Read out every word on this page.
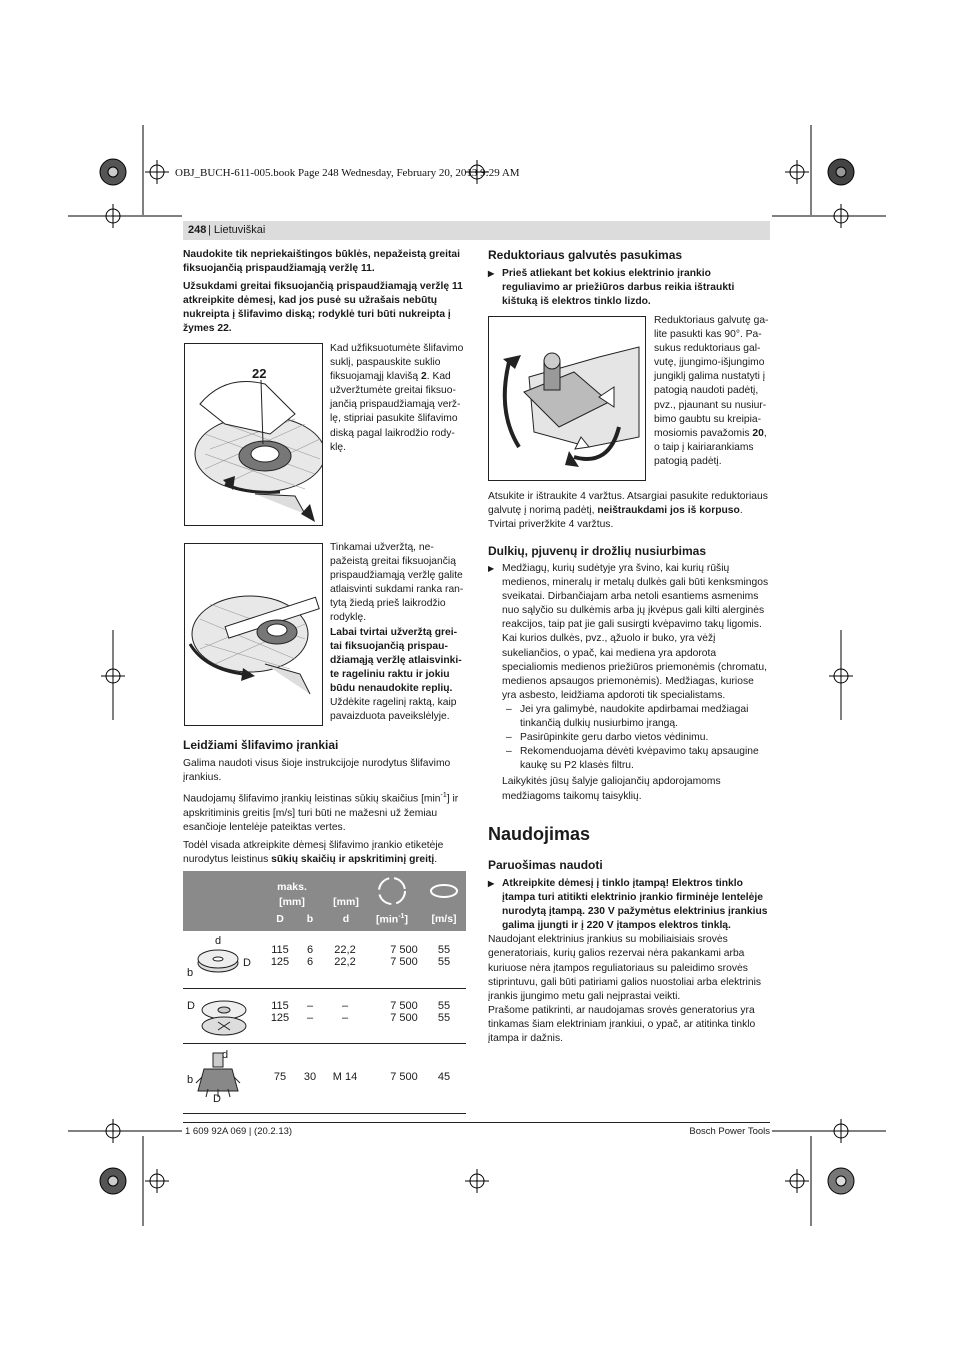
OBJ_BUCH-611-005.book Page 248 Wednesday, February 20, 2013 9:29 AM
248
| Lietuviškai

Naudokite tik nepriekaištingos būklės, nepažeistą greitai fiksuojančią prispaudžiamąją veržlę 11.

Užsukdami greitai fiksuojančią prispaudžiamąją veržlę 11 atkreipkite dėmesį, kad jos pusė su užrašais nebūtų nukreipta į šlifavimo diską; rodyklė turi būti nukreipta į žymes 22.

22
Kad užfiksuotumėte šlifavimo
suklį, paspauskite suklio
fiksuojamąjį klavišą 2. Kad
užveržtumėte greitai fiksuo-
jančią prispaudžiamąją verž-
lę, stipriai pasukite šlifavimo
diską pagal laikrodžio rody-
klę.
Tinkamai užveržtą, ne-
pažeistą greitai fiksuojančią
prispaudžiamąją veržlę galite
atlaisvinti sukdami ranka ran-
tytą žiedą prieš laikrodžio
rodyklę.
Labai tvirtai užveržtą grei-
tai fiksuojančią prispau-
džiamąją veržlę atlaisvinki-
te rageliniu raktu ir jokiu
būdu nenaudokite replių.
Uždėkite ragelinį raktą, kaip
pavaizduota paveikslėlyje.
Leidžiami šlifavimo įrankiai

Galima naudoti visus šioje instrukcijoje nurodytus šlifavimo įrankius.

Naudojamų šlifavimo įrankių leistinas sūkių skaičius $[\min^{-1}]$ ir apskritiminis greitis [m/s] turi būti ne mažesni už žemiau esančioje lentelėje pateiktas vertes.

Todėl visada atkreipkite dėmesį šlifavimo įrankio etiketėje nurodytus leistinus sūkių skaičių ir apskritiminį greitį.

maks.
[mm]	[mm]
D	b	d	$[\min^{-1}]$	[m/s]
d
b
D
115
125
6
6
22,2
22,2
7 500
7 500
55
55
D	115
125
–
–
–
–
7 500
7 500
55
55
d
b
D
75	30	M 14	7 500	45
Reduktoriaus galvutės pasukimas
▶ Prieš atliekant bet kokius elektrinio įrankio reguliavimo ar priežiūros darbus reikia ištraukti kištuką iš elektros tinklo lizdo.
Reduktoriaus galvutę ga-
lite pasukti kas 90°. Pa-
sukus reduktoriaus gal-
vutę, įjungimo-išjungimo
jungiklį galima nustatyti į
patogią naudoti padėtį,
pvz., pjaunant su nusiur-
bimo gaubtu su kreipia-
mosiomis pavažomis 20,
o taip į kairiarankiams
patogią padėtį.

Atsukite ir ištraukite 4 varžtus. Atsargiai pasukite reduktoriaus galvutę į norimą padėtį, neištraukdami jos iš korpuso. Tvirtai priveržkite 4 varžtus.

Dulkių, pjuvenų ir drožlių nusiurbimas
▶ Medžiagų, kurių sudėtyje yra švino, kai kurių rūšių medienos, mineralų ir metalų dulkės gali būti kenksmingos sveikatai. Dirbančiajam arba netoli esantiems asmenims nuo sąlyčio su dulkėmis arba jų įkvėpus gali kilti alerginės reakcijos, taip pat jie gali susirgti kvėpavimo takų ligomis. Kai kurios dulkės, pvz., ąžuolo ir buko, yra vėžį sukeliančios, o ypač, kai mediena yra apdorota specialiomis medienos priežiūros priemonėmis (chromatu, medienos apsaugos priemonėmis). Medžiagas, kuriose yra asbesto, leidžiama apdoroti tik specialistams.
– Jei yra galimybė, naudokite apdirbamai medžiagai tinkančią dulkių nusiurbimo įrangą.
– Pasirūpinkite geru darbo vietos vėdinimu.
– Rekomenduojama dėvėti kvėpavimo takų apsaugine kaukę su P2 klasės filtru.
Laikykitės jūsų šalyje galiojančių apdorojamoms medžiagoms taikomų taisyklių.
Naudojimas
Paruošimas naudoti
▶ Atkreipkite dėmesį į tinklo įtampą! Elektros tinklo įtampa turi atitikti elektrinio įrankio firminėje lentelėje nurodytą įtampą. 230 V pažymėtus elektrinius įrankius galima įjungti ir į 220 V įtampos elektros tinklą.
Naudojant elektrinius įrankius su mobiliaisiais srovės generatoriais, kurių galios rezervai nėra pakankami arba kuriuose nėra įtampos reguliatoriaus su paleidimo srovės stiprintuvu, gali būti patiriami galios nuostoliai arba elektrinis įrankis įjungimo metu gali neįprastai veikti.
Prašome patikrinti, ar naudojamas srovės generatorius yra tinkamas šiam elektriniam įrankiui, o ypač, ar atitinka tinklo įtampa ir dažnis.
1 609 92A 069 | (20.2.13)	Bosch Power Tools
